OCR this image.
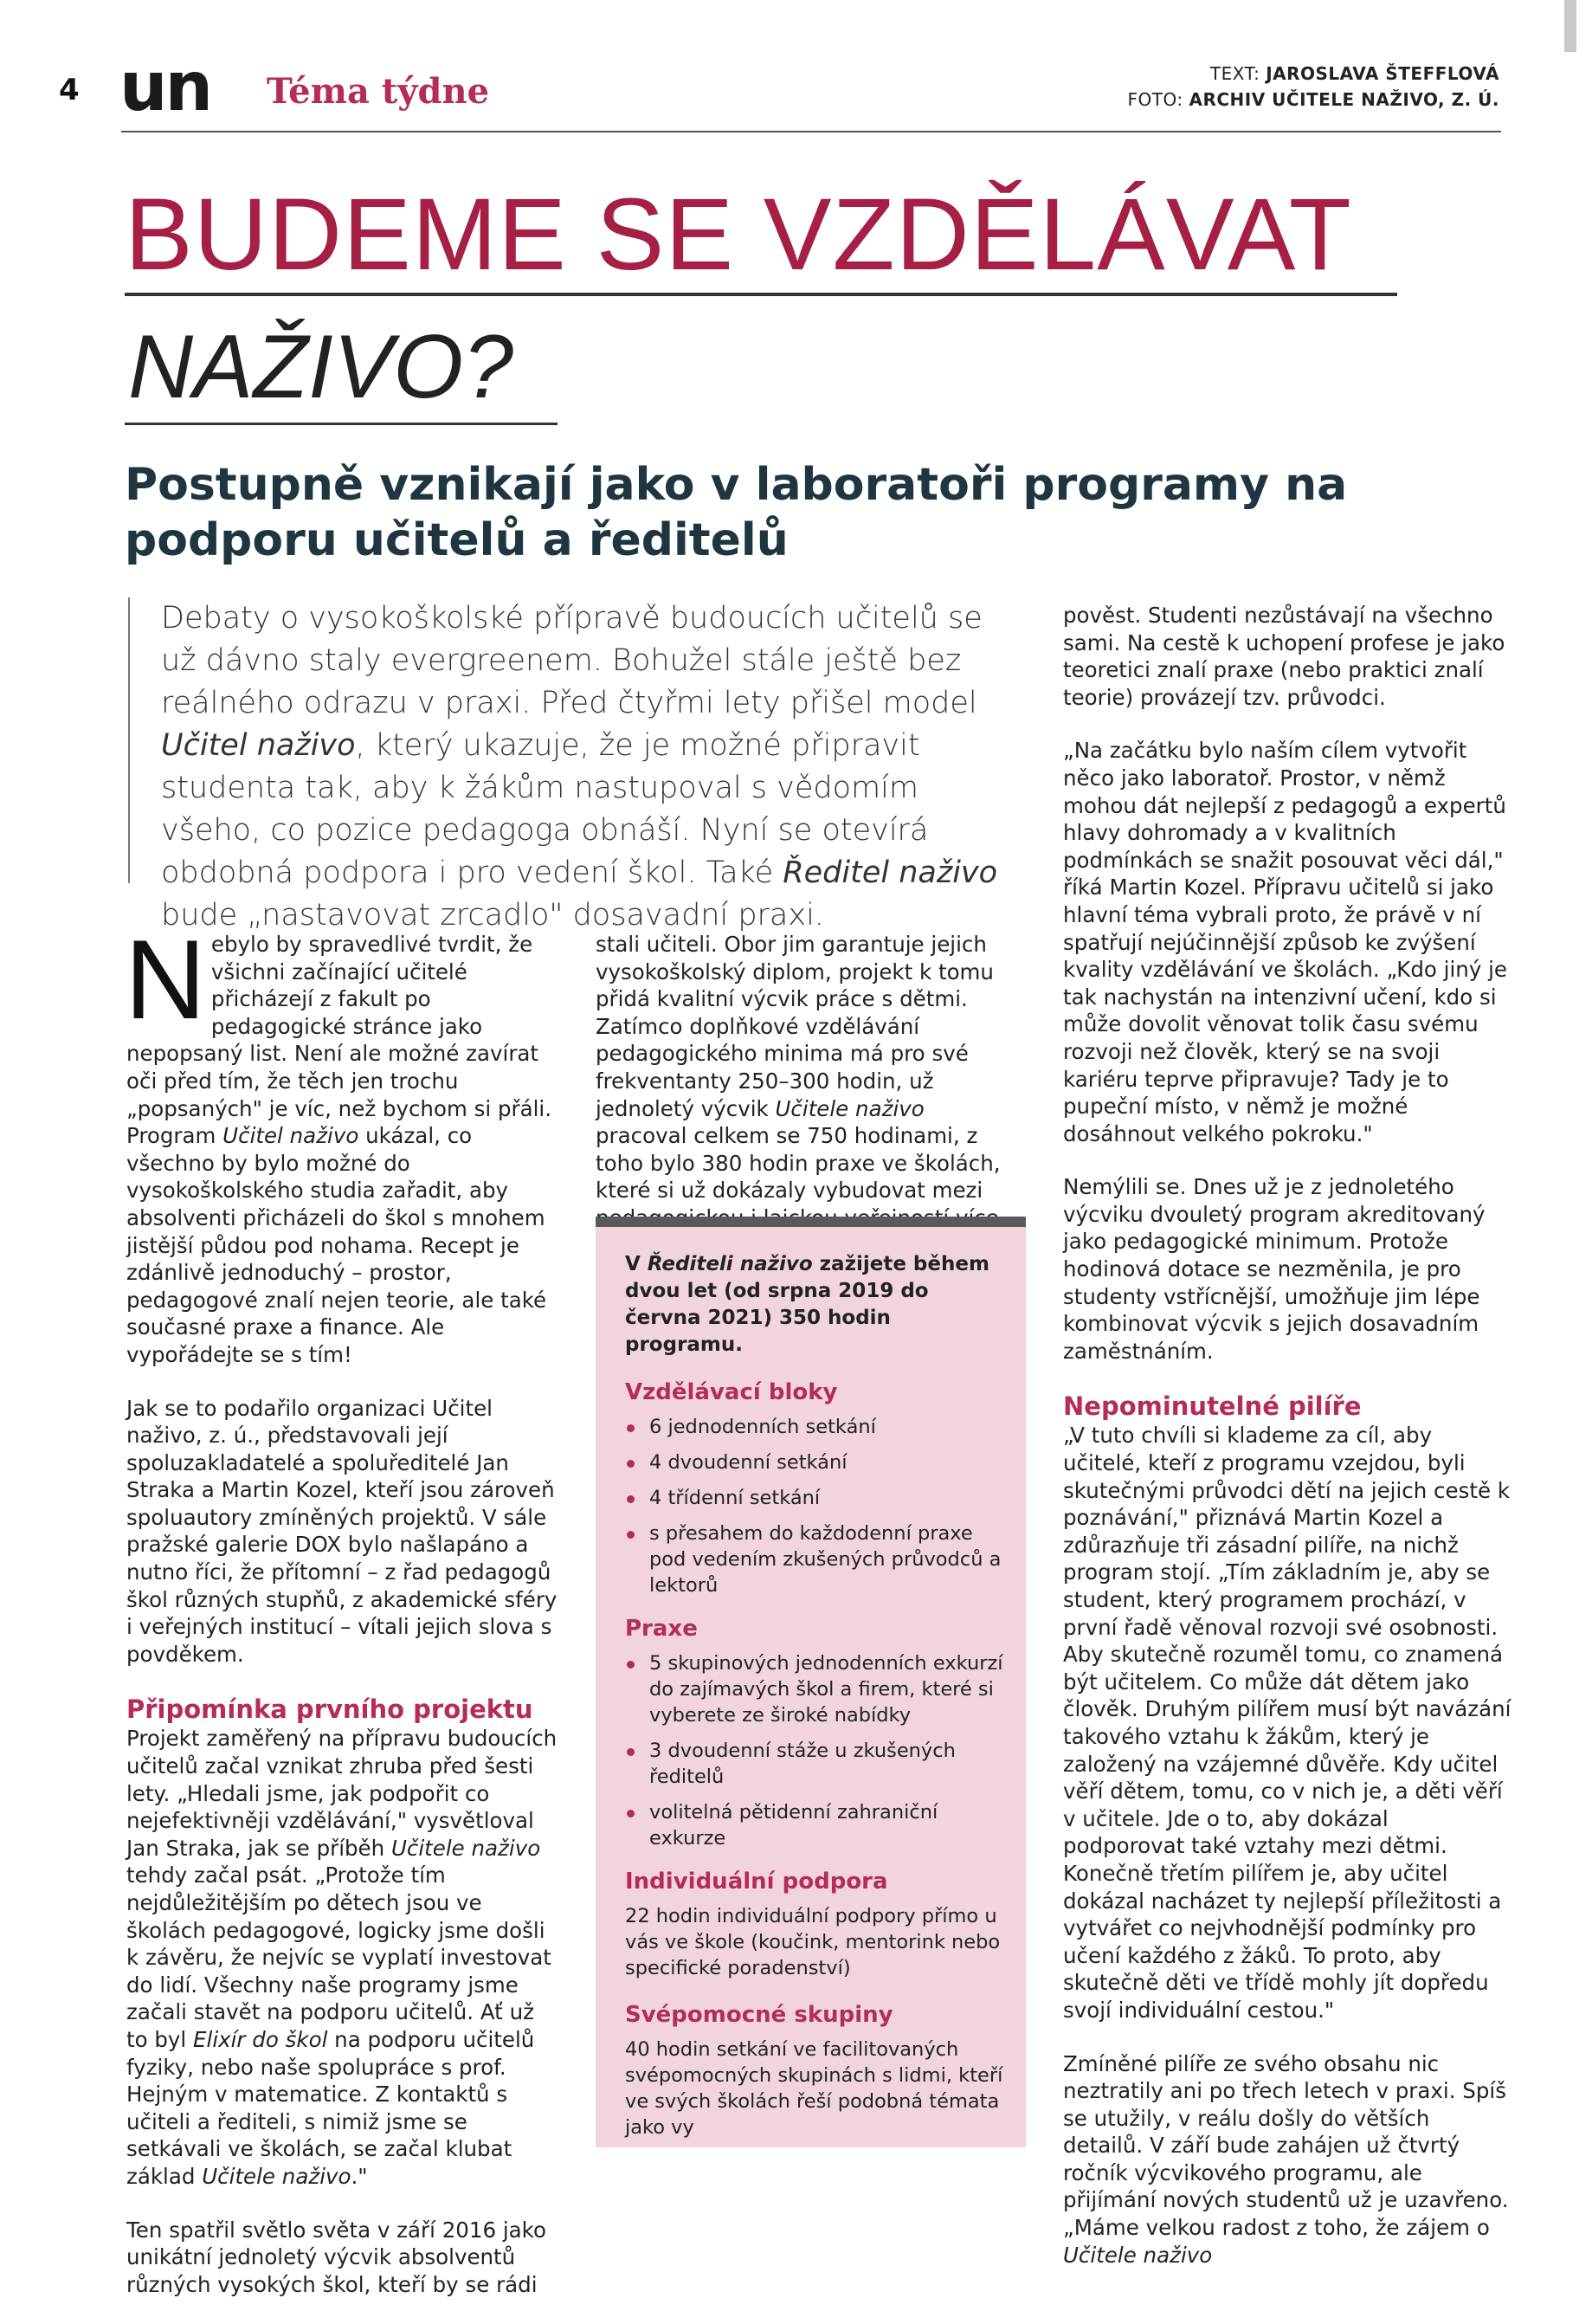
4 un Téma týdne	TEXT: JAROSLAVA ŠTEFFLOVÁ
FOTO: ARCHIV UČITELE NAŽIVO, Z. Ú.
BUDEME SE VZDĚLÁVAT
NAŽIVO?
Postupně vznikají jako v laboratoři programy na podporu učitelů a ředitelů
Debaty o vysokoškolské přípravě budoucích učitelů se už dávno staly evergreenem. Bohužel stále ještě bez reálného odrazu v praxi. Před čtyřmi lety přišel model Učitel naživo, který ukazuje, že je možné připravit studenta tak, aby k žákům nastupoval s vědomím všeho, co pozice pedagoga obnáší. Nyní se otevírá obdobná podpora i pro vedení škol. Také Ředitel naživo bude „nastavovat zrcadlo" dosavadní praxi.

Nebylo by spravedlivé tvrdit, že všichni začínající učitelé přicházejí z fakult po pedagogické stránce jako nepopsaný list. Není ale možné zavírat oči před tím, že těch jen trochu „popsaných" je víc, než bychom si přáli. Program Učitel naživo ukázal, co všechno by bylo možné do vysokoškolského studia zařadit, aby absolventi přicházeli do škol s mnohem jistější půdou pod nohama. Recept je zdánlivě jednoduchý – prostor, pedagogové znalí nejen teorie, ale také současné praxe a finance. Ale vypořádejte se s tím!

Jak se to podařilo organizaci Učitel naživo, z. ú., představovali její spoluzakladatelé a spoluředitelé Jan Straka a Martin Kozel, kteří jsou zároveň spoluautory zmíněných projektů. V sále pražské galerie DOX bylo našlapáno a nutno říci, že přítomní – z řad pedagogů škol různých stupňů, z akademické sféry i veřejných institucí – vítali jejich slova s povděkem.

Připomínka prvního projektu

Projekt zaměřený na přípravu budoucích učitelů začal vznikat zhruba před šesti lety. „Hledali jsme, jak podpořit co nejefektivněji vzdělávání," vysvětloval Jan Straka, jak se příběh Učitele naživo tehdy začal psát. „Protože tím nejdůležitějším po dětech jsou ve školách pedagogové, logicky jsme došli k závěru, že nejvíc se vyplatí investovat do lidí. Všechny naše programy jsme začali stavět na podporu učitelů. Ať už to byl Elixír do škol na podporu učitelů fyziky, nebo naše spolupráce s prof. Hejným v matematice. Z kontaktů s učiteli a řediteli, s nimiž jsme se setkávali ve školách, se začal klubat základ Učitele naživo."

Ten spatřil světlo světa v září 2016 jako unikátní jednoletý výcvik absolventů různých vysokých škol, kteří by se rádi

stali učiteli. Obor jim garantuje jejich vysokoškolský diplom, projekt k tomu přidá kvalitní výcvik práce s dětmi. Zatímco doplňkové vzdělávání pedagogického minima má pro své frekventanty 250–300 hodin, už jednoletý výcvik Učitele naživo pracoval celkem se 750 hodinami, z toho bylo 380 hodin praxe ve školách, které si už dokázaly vybudovat mezi

V Řediteli naživo zažijete během dvou let (od srpna 2019 do června 2021) 350 hodin programu.
Vzdělávací bloky
6 jednodenních setkání
4 dvoudenní setkání
4 třídenní setkání
s přesahem do každodenní praxe pod vedením zkušených průvodců a lektorů
Praxe
5 skupinových jednodenních exkurzí do zajímavých škol a firem, které si vyberete ze široké nabídky
3 dvoudenní stáže u zkušených ředitelů
volitelná pětidenní zahraniční exkurze
Individuální podpora
22 hodin individuální podpory přímo u vás ve škole (koučink, mentorink nebo specifické poradenství)
Svépomocné skupiny
40 hodin setkání ve facilitovaných svépomocných skupinách s lidmi, kteří ve svých školách řeší podobná témata jako vy

pověst. Studenti nezůstávají na všechno sami. Na cestě k uchopení profese je jako teoretici znalí praxe (nebo praktici znalí teorie) provázejí tzv. průvodci.

„Na začátku bylo naším cílem vytvořit něco jako laboratoř. Prostor, v němž mohou dát nejlepší z pedagogů a expertů hlavy dohromady a v kvalitních podmínkách se snažit posouvat věci dál," říká Martin Kozel. Přípravu učitelů si jako hlavní téma vybrali proto, že právě v ní spatřují nejúčinnější způsob ke zvýšení kvality vzdělávání ve školách. „Kdo jiný je tak nachystán na intenzivní učení, kdo si může dovolit věnovat tolik času svému rozvoji než člověk, který se na svoji kariéru teprve připravuje? Tady je to pupeční místo, v němž je možné dosáhnout velkého pokroku."

Nemýlili se. Dnes už je z jednoletého výcviku dvouletý program akreditovaný jako pedagogické minimum. Protože hodinová dotace se nezměnila, je pro studenty vstřícnější, umožňuje jim lépe kombinovat výcvik s jejich dosavadním zaměstnáním.

Nepominutelné pilíře

„V tuto chvíli si klademe za cíl, aby učitelé, kteří z programu vzejdou, byli skutečnými průvodci dětí na jejich cestě k poznávání," přiznává Martin Kozel a zdůrazňuje tři zásadní pilíře, na nichž program stojí. „Tím základním je, aby se student, který programem prochází, v první řadě věnoval rozvoji své osobnosti. Aby skutečně rozuměl tomu, co znamená být učitelem. Co může dát dětem jako člověk. Druhým pilířem musí být navázání takového vztahu k žákům, který je založený na vzájemné důvěře. Kdy učitel věří dětem, tomu, co v nich je, a děti věří v učitele. Jde o to, aby dokázal podporovat také vztahy mezi dětmi. Konečně třetím pilířem je, aby učitel dokázal nacházet ty nejlepší příležitosti a vytvářet co nejvhodnější podmínky pro učení každého z žáků. To proto, aby skutečně děti ve třídě mohly jít dopředu svojí individuální cestou."

Zmíněné pilíře ze svého obsahu nic neztratily ani po třech letech v praxi. Spíš se utužily, v reálu došly do větších detailů. V září bude zahájen už čtvrtý ročník výcvikového programu, ale přijímání nových studentů už je uzavřeno. „Máme velkou radost z toho, že zájem o Učitele naživo
